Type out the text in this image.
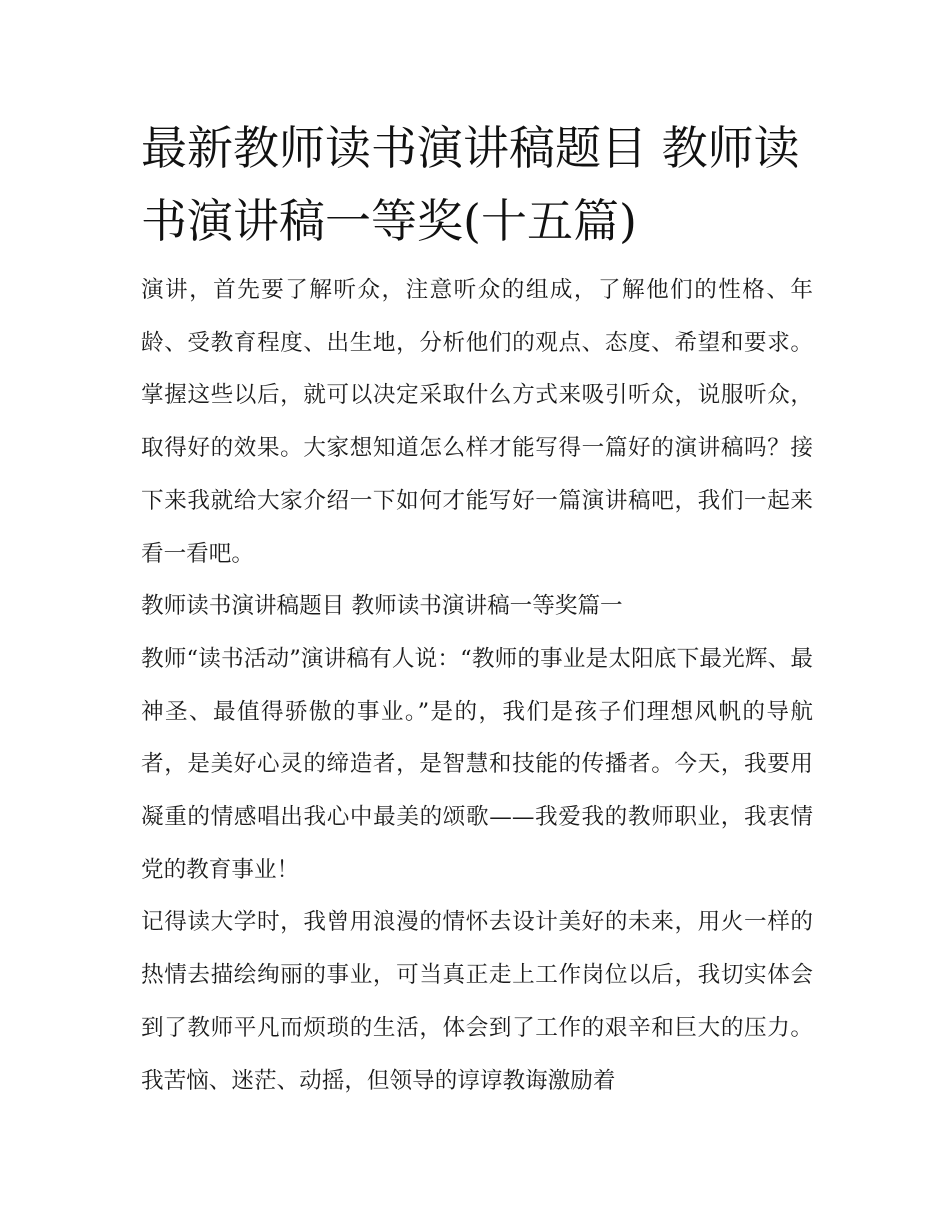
最新教师读书演讲稿题目 教师读书演讲稿一等奖(十五篇)

演讲，首先要了解听众，注意听众的组成，了解他们的性格、年龄、受教育程度、出生地，分析他们的观点、态度、希望和要求。掌握这些以后，就可以决定采取什么方式来吸引听众，说服听众，取得好的效果。大家想知道怎么样才能写得一篇好的演讲稿吗？接下来我就给大家介绍一下如何才能写好一篇演讲稿吧，我们一起来看一看吧。

教师读书演讲稿题目 教师读书演讲稿一等奖篇一

教师“读书活动”演讲稿有人说：“教师的事业是太阳底下最光辉、最神圣、最值得骄傲的事业。”是的，我们是孩子们理想风帆的导航者，是美好心灵的缔造者，是智慧和技能的传播者。今天，我要用凝重的情感唱出我心中最美的颂歌——我爱我的教师职业，我衷情党的教育事业！

记得读大学时，我曾用浪漫的情怀去设计美好的未来，用火一样的热情去描绘绚丽的事业，可当真正走上工作岗位以后，我切实体会到了教师平凡而烦琐的生活，体会到了工作的艰辛和巨大的压力。我苦恼、迷茫、动摇，但领导的谆谆教诲激励着
